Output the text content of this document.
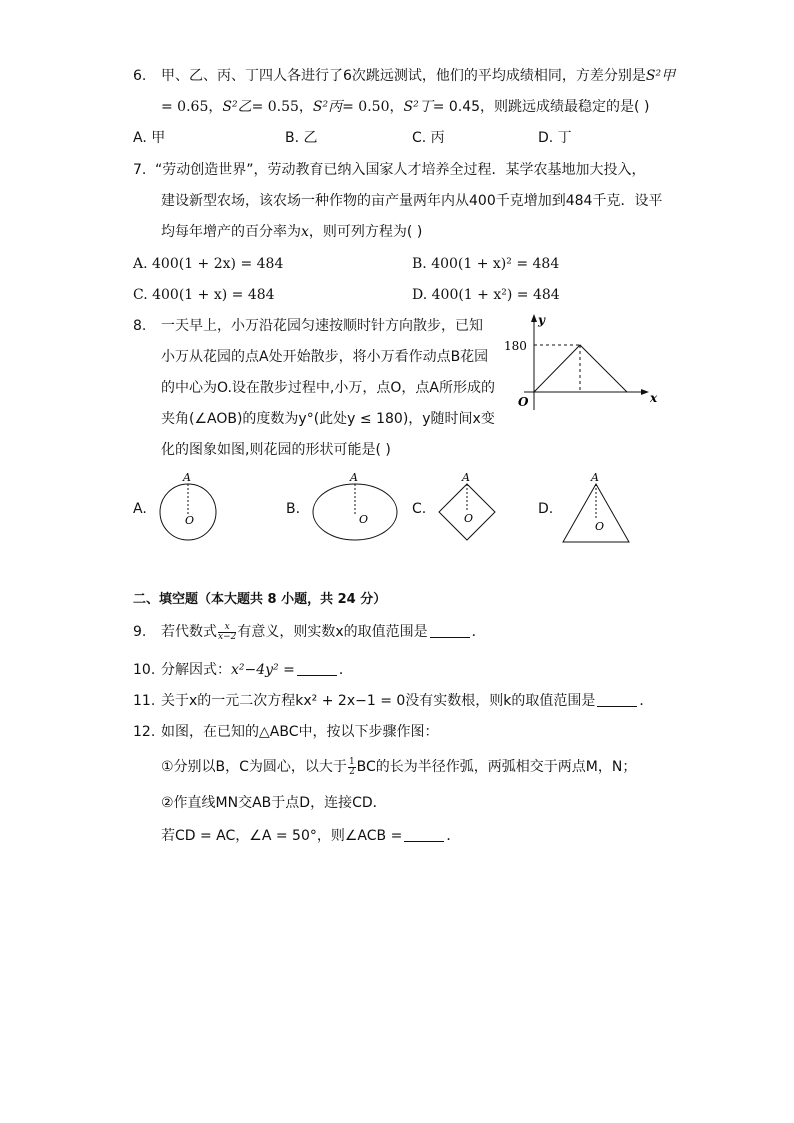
6. 甲、乙、丙、丁四人各进行了6次跳远测试，他们的平均成绩相同，方差分别是S²甲
= 0.65，S²乙= 0.55，S²丙= 0.50，S²丁= 0.45，则跳远成绩最稳定的是( )
A. 甲	B. 乙	C. 丙	D. 丁
7. “劳动创造世界”，劳动教育已纳入国家人才培养全过程．某学农基地加大投入，
建设新型农场，该农场一种作物的亩产量两年内从400千克增加到484千克．设平
均每年增产的百分率为x，则可列方程为( )
A. 400(1 + 2x) = 484	B. 400(1 + x)² = 484
C. 400(1 + x) = 484	D. 400(1 + x²) = 484
8. 一天早上，小万沿花园匀速按顺时针方向散步，已知
小万从花园的点A处开始散步，将小万看作动点B花园
的中心为O.设在散步过程中,小万，点O，点A所形成的
夹角(∠AOB)的度数为y°(此处y ≤ 180)，y随时间x变
化的图象如图,则花园的形状可能是( )
y
x
O
180
A.
A
O
B.
A
O
C.
A
O
D.
A
O
二、填空题（本大题共 8 小题，共 24 分）
9. 若代数式 $\frac{x}{x-2}$ 有意义，则实数x的取值范围是	．
10. 分解因式：x²−4y² =	．
11. 关于x的一元二次方程kx² + 2x−1 = 0没有实数根，则k的取值范围是	．
12. 如图，在已知的△ABC中，按以下步骤作图：
①分别以B，C为圆心，以大于 $\frac{1}{2}$ BC的长为半径作弧，两弧相交于两点M，N；
②作直线MN交AB于点D，连接CD．
若CD = AC，∠A = 50°，则∠ACB =	．
